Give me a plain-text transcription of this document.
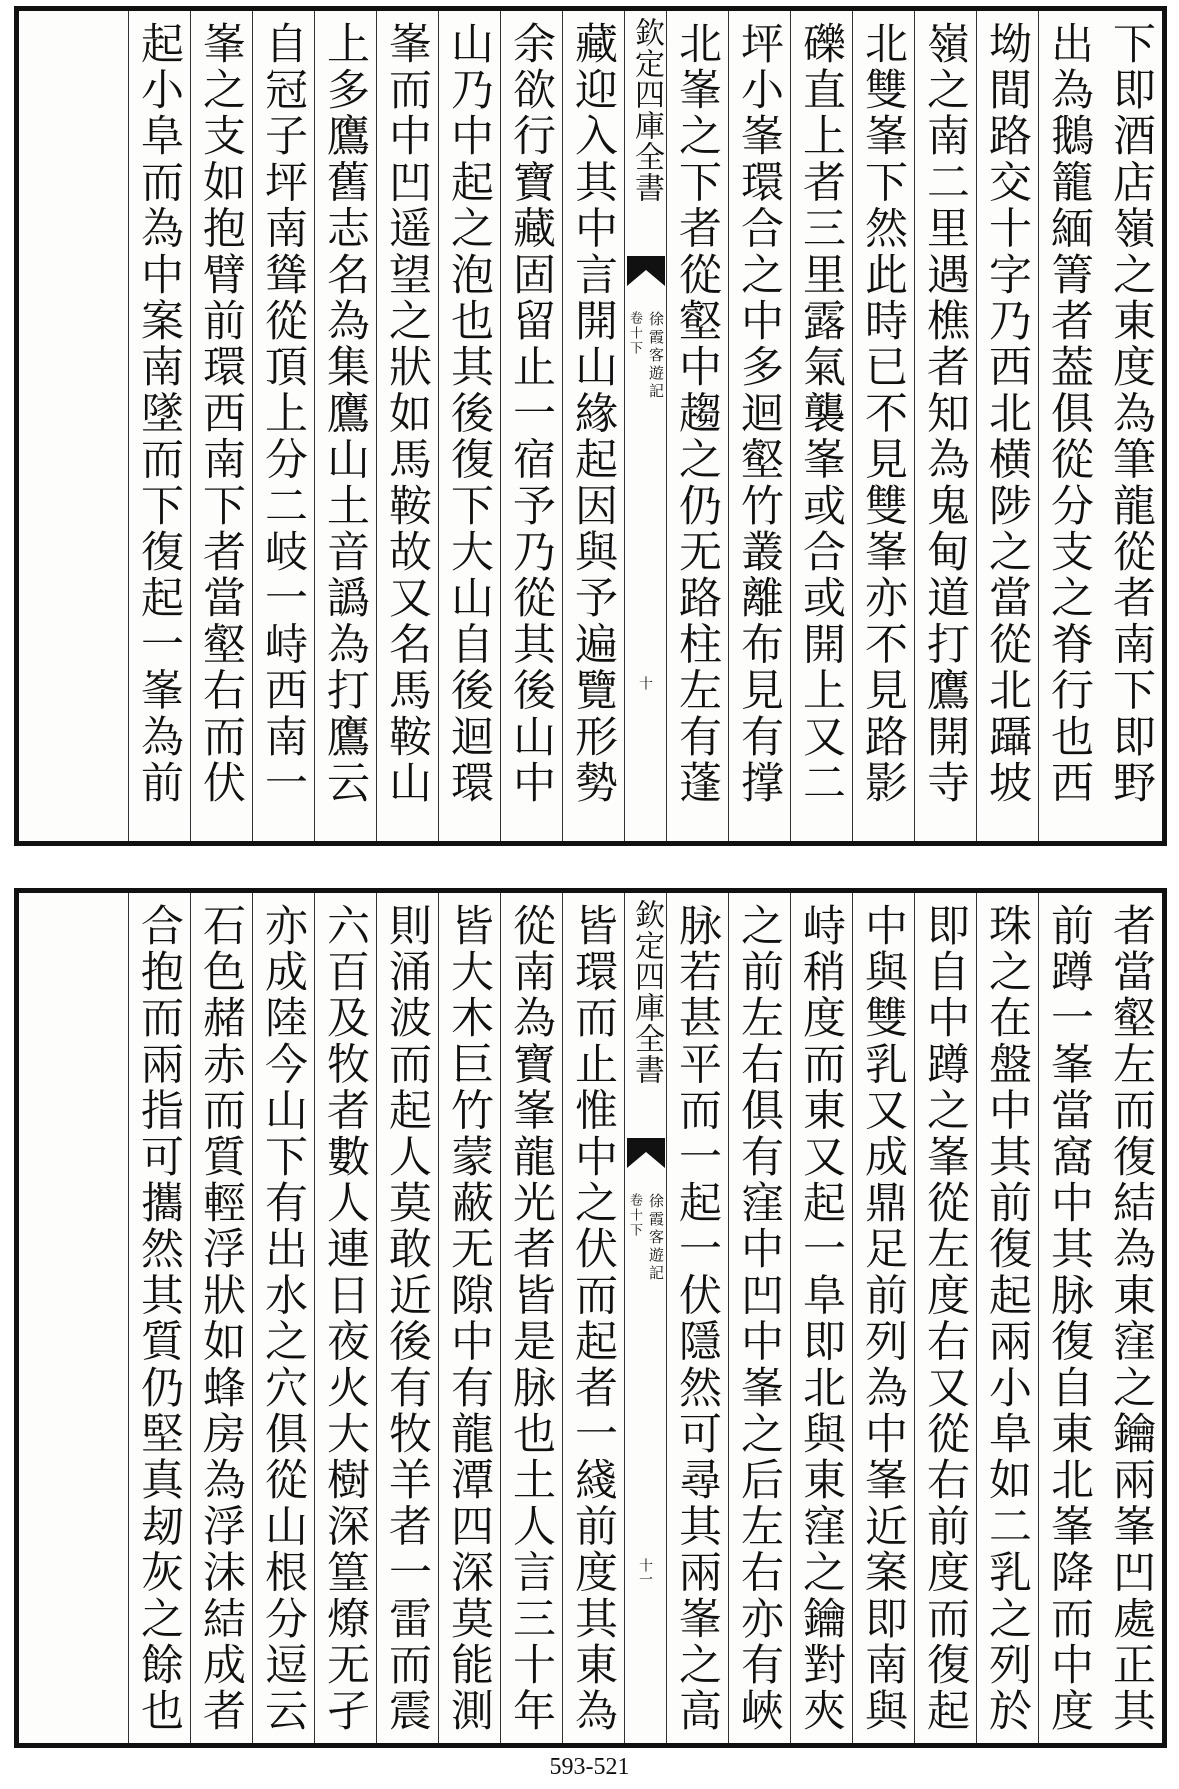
下即酒店嶺之東度為筆龍從者南下即野
出為鵝籠緬箐者葢俱從分支之脊行也西
坳間路交十字乃西北横陟之當從北躡坡
嶺之南二里遇樵者知為鬼甸道打鷹開寺
北雙峯下然此時已不見雙峯亦不見路影
礫直上者三里露氣襲峯或合或開上又二
坪小峯環合之中多迴壑竹叢離布見有撑
北峯之下者從壑中趨之仍无路柱左有蓬
欽定四庫全書
徐霞客遊記
卷十下
十
藏迎入其中言開山緣起因與予遍覽形勢
余欲行寶藏固留止一宿予乃從其後山中
山乃中起之泡也其後復下大山自後迴環
峯而中凹遥望之狀如馬鞍故又名馬鞍山
上多鷹舊志名為集鷹山土音譌為打鷹云
自冠子坪南聳從頂上分二岐一峙西南一
峯之支如抱臂前環西南下者當壑右而伏
起小阜而為中案南墜而下復起一峯為前
者當壑左而復結為東窪之鑰兩峯凹處正其
前蹲一峯當窩中其脉復自東北峯降而中度
珠之在盤中其前復起兩小阜如二乳之列於
即自中蹲之峯從左度右又從右前度而復起
中與雙乳又成鼎足前列為中峯近案即南與
峙稍度而東又起一阜即北與東窪之鑰對夾
之前左右俱有窪中凹中峯之后左右亦有峽
脉若甚平而一起一伏隱然可尋其兩峯之高
欽定四庫全書
徐霞客遊記
卷十下
十一
皆環而止惟中之伏而起者一綫前度其東為
從南為寶峯龍光者皆是脉也土人言三十年
皆大木巨竹蒙蔽无隙中有龍潭四深莫能測
則涌波而起人莫敢近後有牧羊者一雷而震
六百及牧者數人連日夜火大樹深篁燎无孑
亦成陸今山下有出水之穴俱從山根分逗云
石色赭赤而質輕浮狀如蜂房為浮沫結成者
合抱而兩指可攜然其質仍堅真刼灰之餘也
593-521
